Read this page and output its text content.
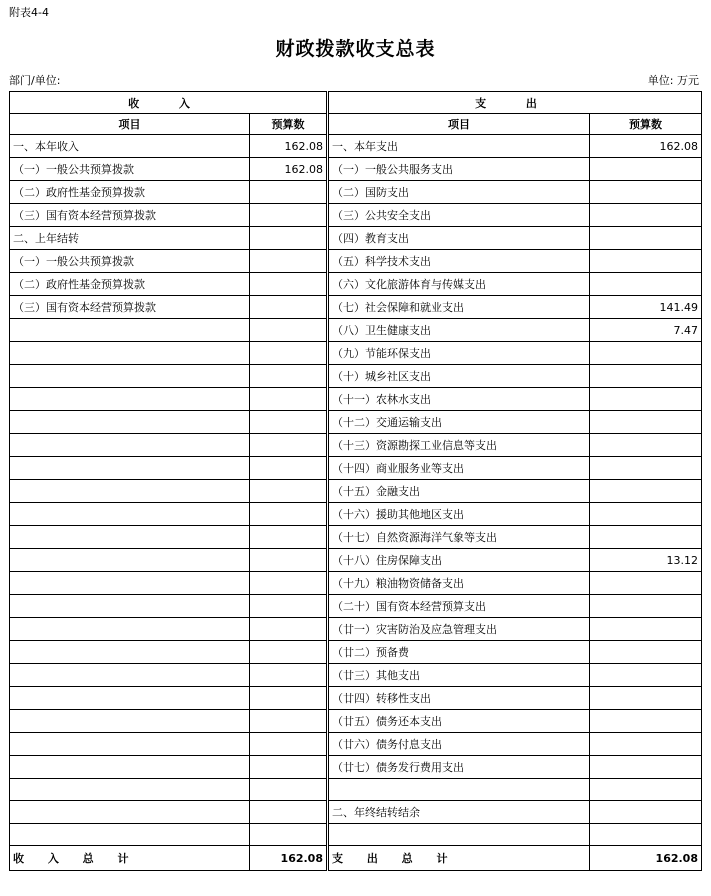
附表4-4
财政拨款收支总表
部门/单位:	单位: 万元
收 入		支 出	
项目	预算数	项目	预算数
一、本年收入	162.08	一、本年支出	162.08
（一）一般公共预算拨款	162.08	（一）一般公共服务支出	
（二）政府性基金预算拨款		（二）国防支出	
（三）国有资本经营预算拨款		（三）公共安全支出	
二、上年结转		（四）教育支出	
（一）一般公共预算拨款		（五）科学技术支出	
（二）政府性基金预算拨款		（六）文化旅游体育与传媒支出	
（三）国有资本经营预算拨款		（七）社会保障和就业支出	141.49
		（八）卫生健康支出	7.47
		（九）节能环保支出	
		（十）城乡社区支出	
		（十一）农林水支出	
		（十二）交通运输支出	
		（十三）资源勘探工业信息等支出	
		（十四）商业服务业等支出	
		（十五）金融支出	
		（十六）援助其他地区支出	
		（十七）自然资源海洋气象等支出	
		（十八）住房保障支出	13.12
		（十九）粮油物资储备支出	
		（二十）国有资本经营预算支出	
		（廿一）灾害防治及应急管理支出	
		（廿二）预备费	
		（廿三）其他支出	
		（廿四）转移性支出	
		（廿五）债务还本支出	
		（廿六）债务付息支出	
		（廿七）债务发行费用支出	

		二、年终结转结余	

收 入 总 计	162.08	支 出 总 计	162.08
